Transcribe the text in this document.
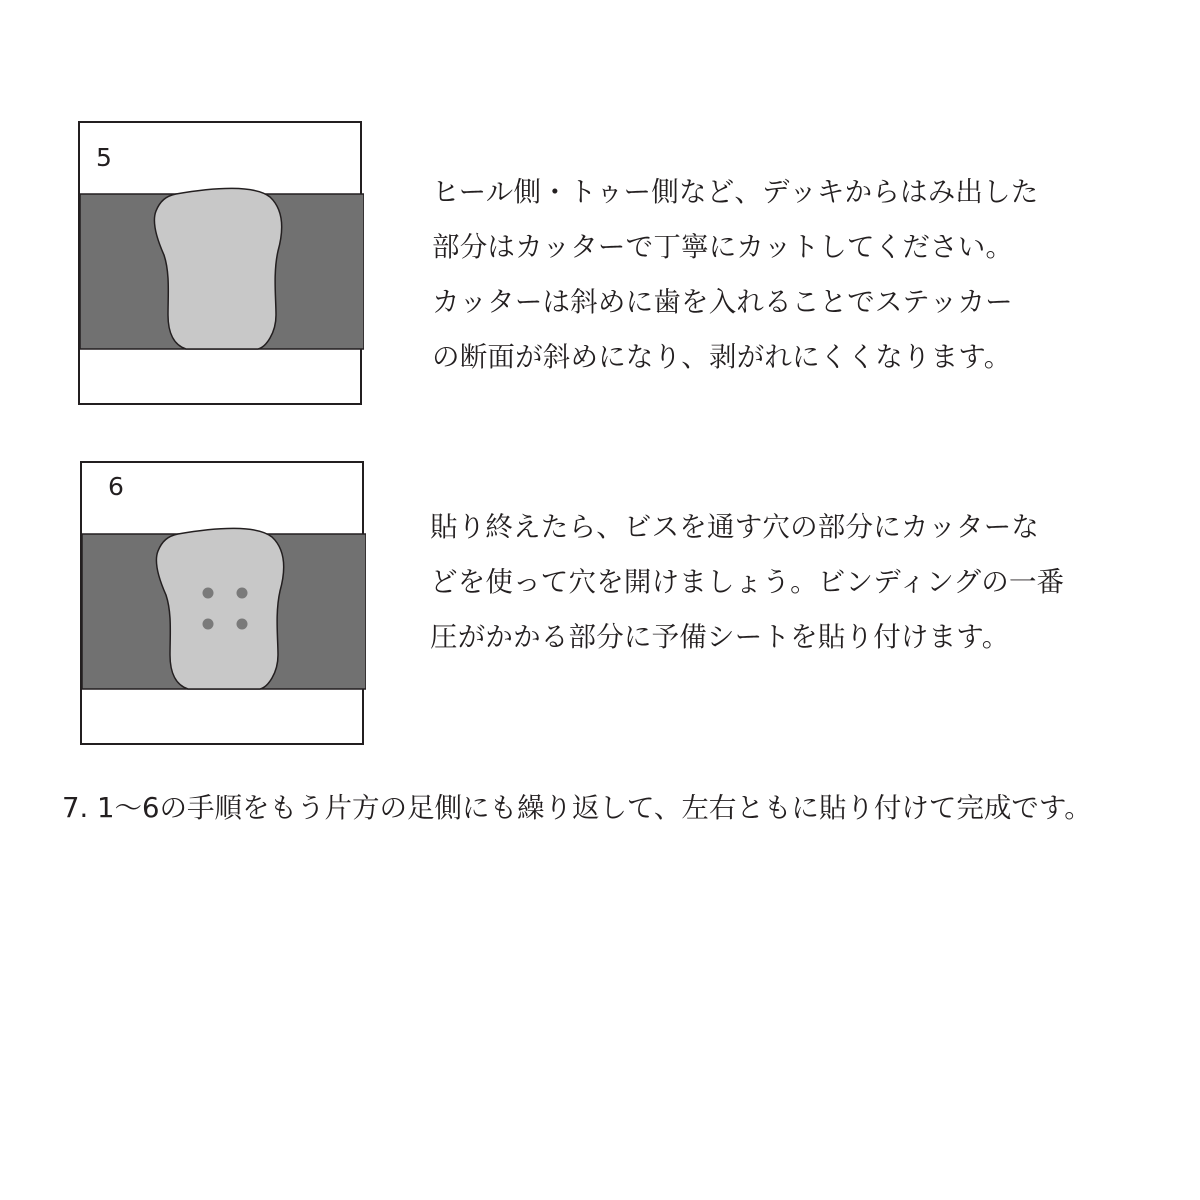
5
ヒール側・トゥー側など、デッキからはみ出した
部分はカッターで丁寧にカットしてください。
カッターは斜めに歯を入れることでステッカー
の断面が斜めになり、剥がれにくくなります。
6
貼り終えたら、ビスを通す穴の部分にカッターな
どを使って穴を開けましょう。ビンディングの一番
圧がかかる部分に予備シートを貼り付けます。
7. 1～6の手順をもう片方の足側にも繰り返して、左右ともに貼り付けて完成です。
